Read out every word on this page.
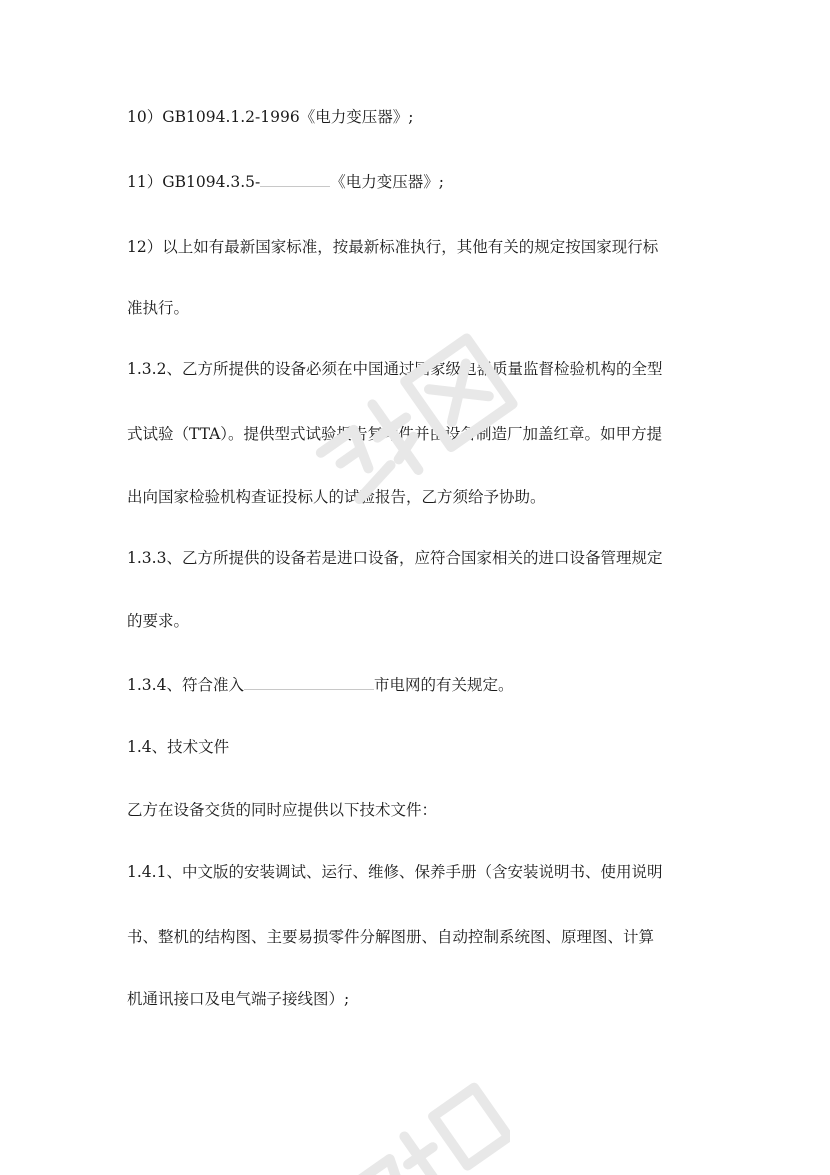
10）GB1094.1.2-1996《电力变压器》;
11）GB1094.3.5-	《电力变压器》;
12）以上如有最新国家标准，按最新标准执行，其他有关的规定按国家现行标
准执行。
1.3.2、乙方所提供的设备必须在中国通过国家级电器质量监督检验机构的全型
式试验（TTA）。提供型式试验报告复印件并由设备制造厂加盖红章。如甲方提
出向国家检验机构查证投标人的试验报告，乙方须给予协助。
1.3.3、乙方所提供的设备若是进口设备，应符合国家相关的进口设备管理规定
的要求。
1.3.4、符合准入	市电网的有关规定。
1.4、技术文件
乙方在设备交货的同时应提供以下技术文件：
1.4.1、中文版的安装调试、运行、维修、保养手册（含安装说明书、使用说明
书、整机的结构图、主要易损零件分解图册、自动控制系统图、原理图、计算
机通讯接口及电气端子接线图）;
